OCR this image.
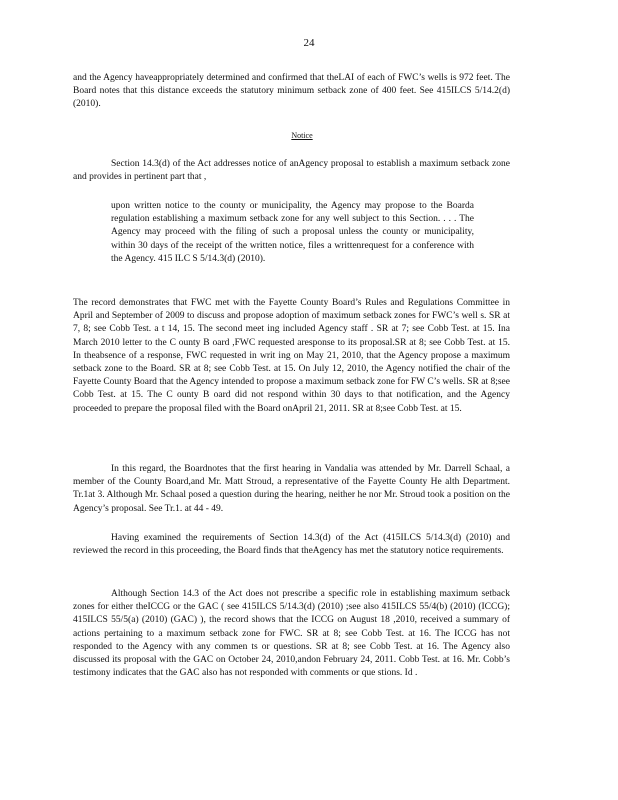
24

and the Agency haveappropriately determined and confirmed that theLAI of each of FWC’s wells is 972 feet. The Board notes that this distance exceeds the statutory minimum setback zone of 400 feet. See 415ILCS 5/14.2(d) (2010).

Notice

Section 14.3(d) of the Act addresses notice of anAgency proposal to establish a maximum setback zone and provides in pertinent part that ,

upon written notice to the county or municipality, the Agency may propose to the Boarda regulation establishing a maximum setback zone for any well subject to this Section. . . . The Agency may proceed with the filing of such a proposal unless the county or municipality, within 30 days of the receipt of the written notice, files a writtenrequest for a conference with the Agency. 415 ILC S 5/14.3(d) (2010).

The record demonstrates that FWC met with the Fayette County Board’s Rules and Regulations Committee in April and September of 2009 to discuss and propose adoption of maximum setback zones for FWC’s well s. SR at 7, 8; see Cobb Test. a t 14, 15. The second meet ing included Agency staff . SR at 7; see Cobb Test. at 15. Ina March 2010 letter to the C ounty B oard ,FWC requested aresponse to its proposal.SR at 8; see Cobb Test. at 15. In theabsence of a response, FWC requested in writ ing on May 21, 2010, that the Agency propose a maximum setback zone to the Board. SR at 8; see Cobb Test. at 15. On July 12, 2010, the Agency notified the chair of the Fayette County Board that the Agency intended to propose a maximum setback zone for FW C’s wells. SR at 8;see Cobb Test. at 15. The C ounty B oard did not respond within 30 days to that notification, and the Agency proceeded to prepare the proposal filed with the Board onApril 21, 2011. SR at 8;see Cobb Test. at 15.

In this regard, the Boardnotes that the first hearing in Vandalia was attended by Mr. Darrell Schaal, a member of the County Board,and Mr. Matt Stroud, a representative of the Fayette County He alth Department. Tr.1at 3. Although Mr. Schaal posed a question during the hearing, neither he nor Mr. Stroud took a position on the Agency’s proposal. See Tr.1. at 44 - 49.

Having examined the requirements of Section 14.3(d) of the Act (415ILCS 5/14.3(d) (2010) and reviewed the record in this proceeding, the Board finds that theAgency has met the statutory notice requirements.

Although Section 14.3 of the Act does not prescribe a specific role in establishing maximum setback zones for either theICCG or the GAC ( see 415ILCS 5/14.3(d) (2010) ;see also 415ILCS 55/4(b) (2010) (ICCG); 415ILCS 55/5(a) (2010) (GAC) ), the record shows that the ICCG on August 18 ,2010, received a summary of actions pertaining to a maximum setback zone for FWC. SR at 8; see Cobb Test. at 16. The ICCG has not responded to the Agency with any commen ts or questions. SR at 8; see Cobb Test. at 16. The Agency also discussed its proposal with the GAC on October 24, 2010,andon February 24, 2011. Cobb Test. at 16. Mr. Cobb’s testimony indicates that the GAC also has not responded with comments or que stions. Id .
